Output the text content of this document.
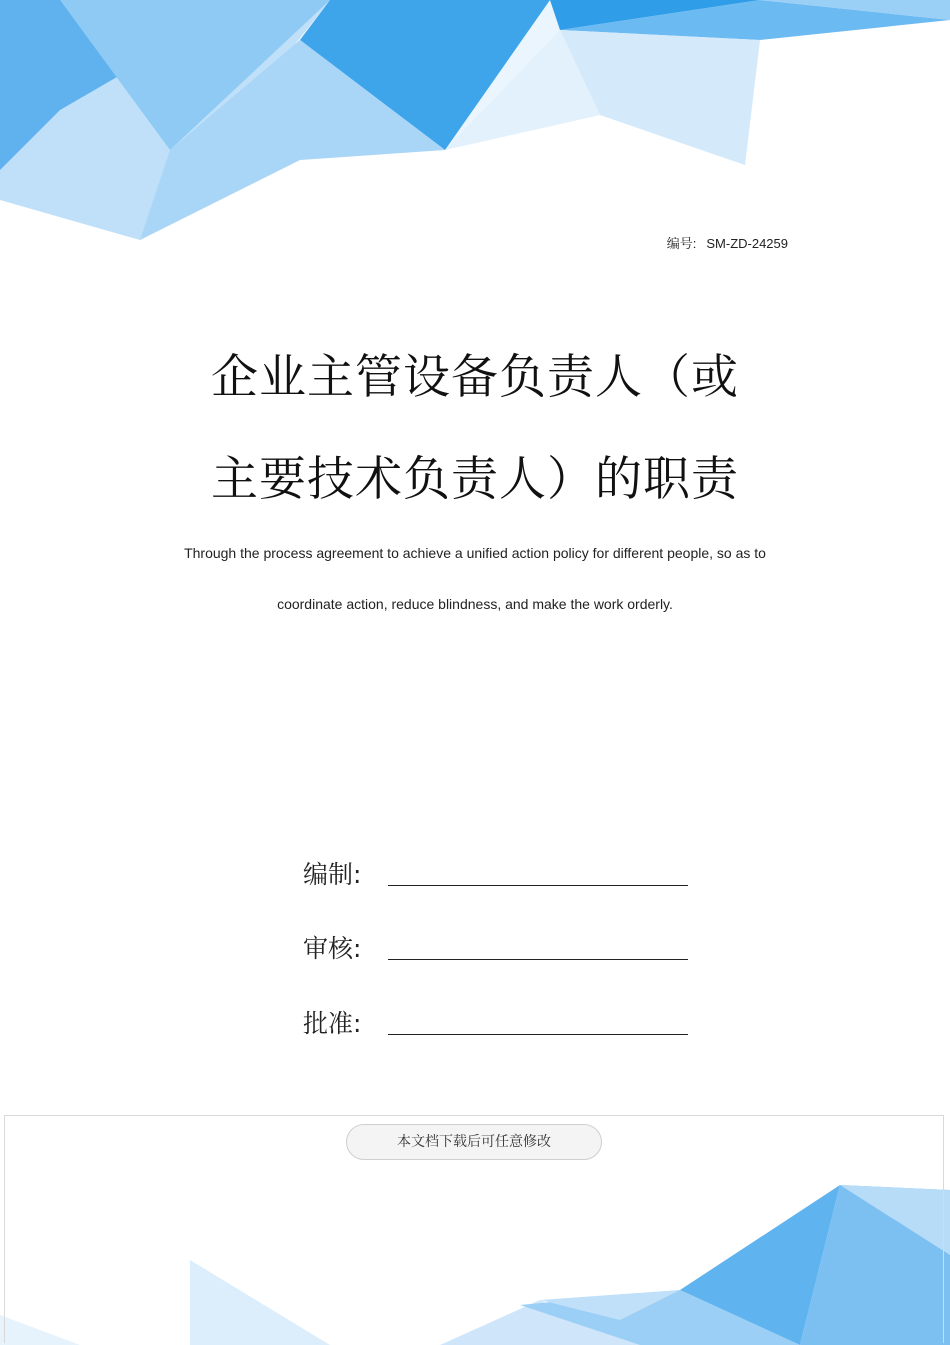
编号: SM-ZD-24259
企业主管设备负责人（或
主要技术负责人）的职责
Through the process agreement to achieve a unified action policy for different people, so as to
coordinate action, reduce blindness, and make the work orderly.
编制:
审核:
批准:
本文档下载后可任意修改
